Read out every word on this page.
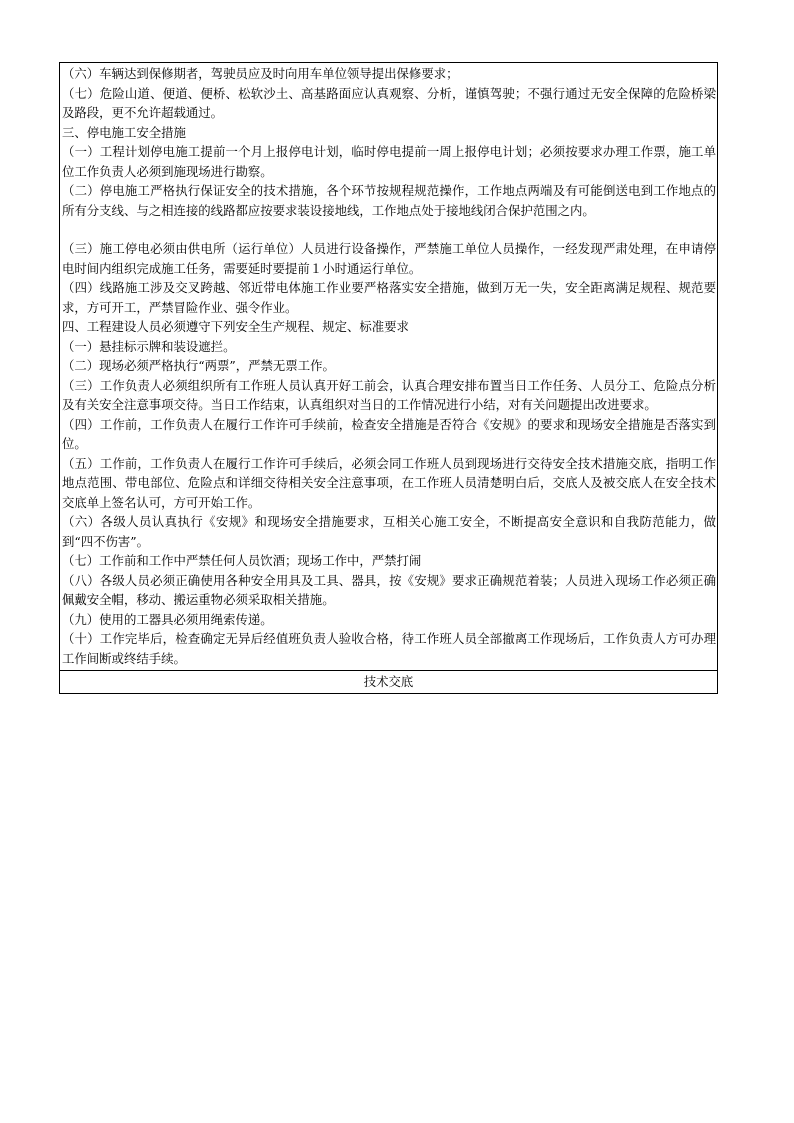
（六）车辆达到保修期者，驾驶员应及时向用车单位领导提出保修要求；
（七）危险山道、便道、便桥、松软沙土、高基路面应认真观察、分析，谨慎驾驶；不强行通过无安全保障的危险桥梁及路段，更不允许超载通过。
三、停电施工安全措施
（一）工程计划停电施工提前一个月上报停电计划，临时停电提前一周上报停电计划；必须按要求办理工作票，施工单位工作负责人必须到施现场进行勘察。
（二）停电施工严格执行保证安全的技术措施，各个环节按规程规范操作，工作地点两端及有可能倒送电到工作地点的所有分支线、与之相连接的线路都应按要求装设接地线，工作地点处于接地线闭合保护范围之内。
（三）施工停电必须由供电所（运行单位）人员进行设备操作，严禁施工单位人员操作，一经发现严肃处理，在申请停电时间内组织完成施工任务，需要延时要提前１小时通运行单位。
（四）线路施工涉及交叉跨越、邻近带电体施工作业要严格落实安全措施，做到万无一失，安全距离满足规程、规范要求，方可开工，严禁冒险作业、强令作业。
四、工程建设人员必须遵守下列安全生产规程、规定、标准要求
（一）悬挂标示牌和装设遮拦。
（二）现场必须严格执行“两票”，严禁无票工作。
（三）工作负责人必须组织所有工作班人员认真开好工前会，认真合理安排布置当日工作任务、人员分工、危险点分析及有关安全注意事项交待。当日工作结束，认真组织对当日的工作情况进行小结，对有关问题提出改进要求。
（四）工作前，工作负责人在履行工作许可手续前，检查安全措施是否符合《安规》的要求和现场安全措施是否落实到位。
（五）工作前，工作负责人在履行工作许可手续后，必须会同工作班人员到现场进行交待安全技术措施交底，指明工作地点范围、带电部位、危险点和详细交待相关安全注意事项，在工作班人员清楚明白后，交底人及被交底人在安全技术交底单上签名认可，方可开始工作。
（六）各级人员认真执行《安规》和现场安全措施要求，互相关心施工安全，不断提高安全意识和自我防范能力，做到“四不伤害”。
（七）工作前和工作中严禁任何人员饮酒；现场工作中，严禁打闹
（八）各级人员必须正确使用各种安全用具及工具、器具，按《安规》要求正确规范着装；人员进入现场工作必须正确佩戴安全帽，移动、搬运重物必须采取相关措施。
（九）使用的工器具必须用绳索传递。
（十）工作完毕后，检查确定无异后经值班负责人验收合格，待工作班人员全部撤离工作现场后，工作负责人方可办理工作间断或终结手续。
技术交底
